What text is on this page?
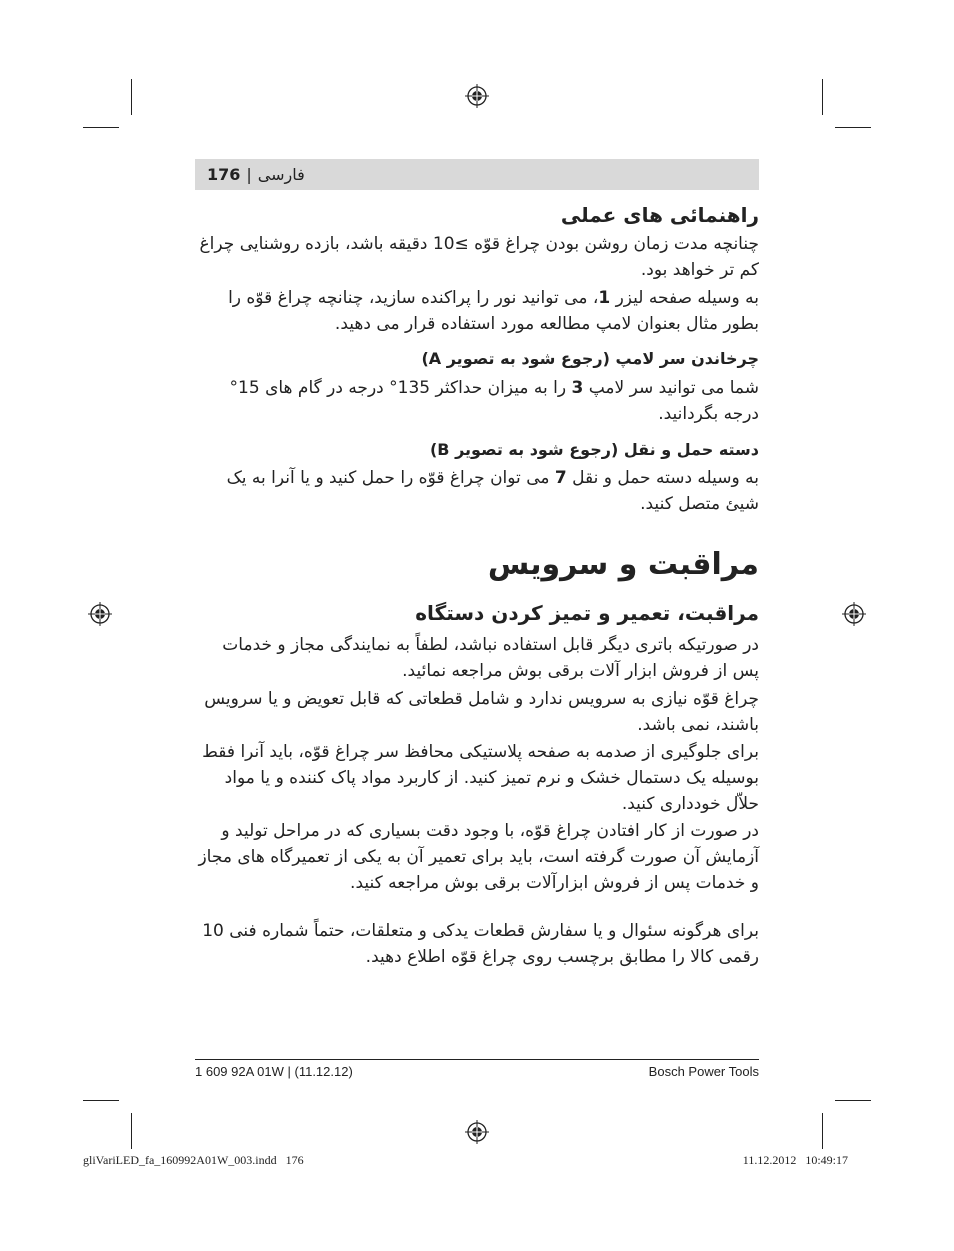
176 | فارسی
راهنمائی های عملی
چنانچه مدت زمان روشن بودن چراغ قوّه ≥10 دقیقه باشد، بازده روشنایی چراغ کم تر خواهد بود.
به وسیله صفحه لیزر 1، می توانید نور را پراکنده سازید، چنانچه چراغ قوّه را بطور مثال بعنوان لامپ مطالعه مورد استفاده قرار می دهید.
چرخاندن سر لامپ (رجوع شود به تصویر A)
شما می توانید سر لامپ 3 را به میزان حداکثر 135° درجه در گام های 15° درجه بگردانید.
دسته حمل و نقل (رجوع شود به تصویر B)
به وسیله دسته حمل و نقل 7 می توان چراغ قوّه را حمل کنید و یا آنرا به یک شیئ متصل کنید.
مراقبت و سرویس
مراقبت، تعمیر و تمیز کردن دستگاه
در صورتیکه باتری دیگر قابل استفاده نباشد، لطفاً به نمایندگی مجاز و خدمات پس از فروش ابزار آلات برقی بوش مراجعه نمائید.
چراغ قوّه نیازی به سرویس ندارد و شامل قطعاتی که قابل تعویض و یا سرویس باشند، نمی باشد.
برای جلوگیری از صدمه به صفحه پلاستیکی محافظ سر چراغ قوّه، باید آنرا فقط بوسیله یک دستمال خشک و نرم تمیز کنید. از کاربرد مواد پاک کننده و یا مواد حلاّل خودداری کنید.
در صورت از کار افتادن چراغ قوّه، با وجود دقت بسیاری که در مراحل تولید و آزمایش آن صورت گرفته است، باید برای تعمیر آن به یکی از تعمیرگاه های مجاز و خدمات پس از فروش ابزارآلات برقی بوش مراجعه کنید.
برای هرگونه سئوال و یا سفارش قطعات یدکی و متعلقات، حتماً شماره فنی 10 رقمی کالا را مطابق برچسب روی چراغ قوّه اطلاع دهید.
1 609 92A 01W | (11.12.12)	Bosch Power Tools
gliVariLED_fa_160992A01W_003.indd   176	11.12.2012   10:49:17
